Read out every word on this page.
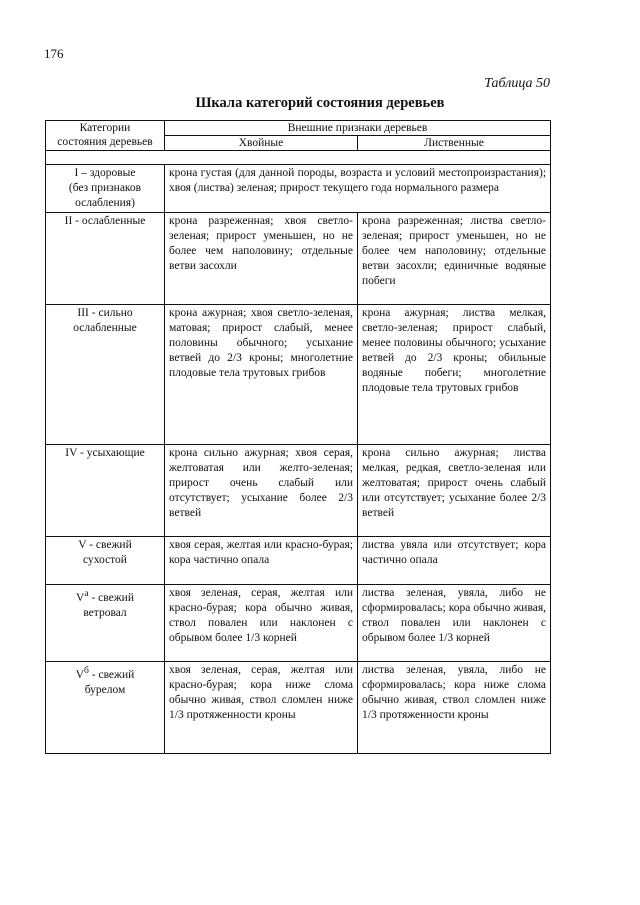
176
Таблица 50
Шкала категорий состояния деревьев
Категории
состояния деревьев	Внешние признаки деревьев	
	Хвойные	Лиственные

I – здоровые
(без признаков
ослабления)	крона густая (для данной породы, возраста и условий местопроизрастания); хвоя (листва) зеленая; прирост текущего года нормального размера	

II - ослабленные	крона разреженная; хвоя светло-зеленая; прирост уменьшен, но не более чем наполовину; отдельные ветви засохли	крона разреженная; листва светло-зеленая; прирост уменьшен, но не более чем наполовину; отдельные ветви засохли; единичные водяные побеги

III - сильно
ослабленные	крона ажурная; хвоя светло-зеленая, матовая; прирост слабый, менее половины обычного; усыхание ветвей до 2/3 кроны; многолетние плодовые тела трутовых грибов	крона ажурная; листва мелкая, светло-зеленая; прирост слабый, менее половины обычного; усыхание ветвей до 2/3 кроны; обильные водяные побеги; многолетние плодовые тела трутовых грибов

IV - усыхающие	крона сильно ажурная; хвоя серая, желтоватая или желто-зеленая; прирост очень слабый или отсутствует; усыхание более 2/3 ветвей	крона сильно ажурная; листва мелкая, редкая, светло-зеленая или желтоватая; прирост очень слабый или отсутствует; усыхание более 2/3 ветвей

V - свежий
сухостой	хвоя серая, желтая или красно-бурая; кора частично опала	листва увяла или отсутствует; кора частично опала

$V^а$ - свежий
ветровал	хвоя зеленая, серая, желтая или красно-бурая; кора обычно живая, ствол повален или наклонен с обрывом более 1/3 корней	листва зеленая, увяла, либо не сформировалась; кора обычно живая, ствол повален или наклонен с обрывом более 1/3 корней

$V^б$ - свежий
бурелом	хвоя зеленая, серая, желтая или красно-бурая; кора ниже слома обычно живая, ствол сломлен ниже 1/3 протяженности кроны	листва зеленая, увяла, либо не сформировалась; кора ниже слома обычно живая, ствол сломлен ниже 1/3 протяженности кроны
